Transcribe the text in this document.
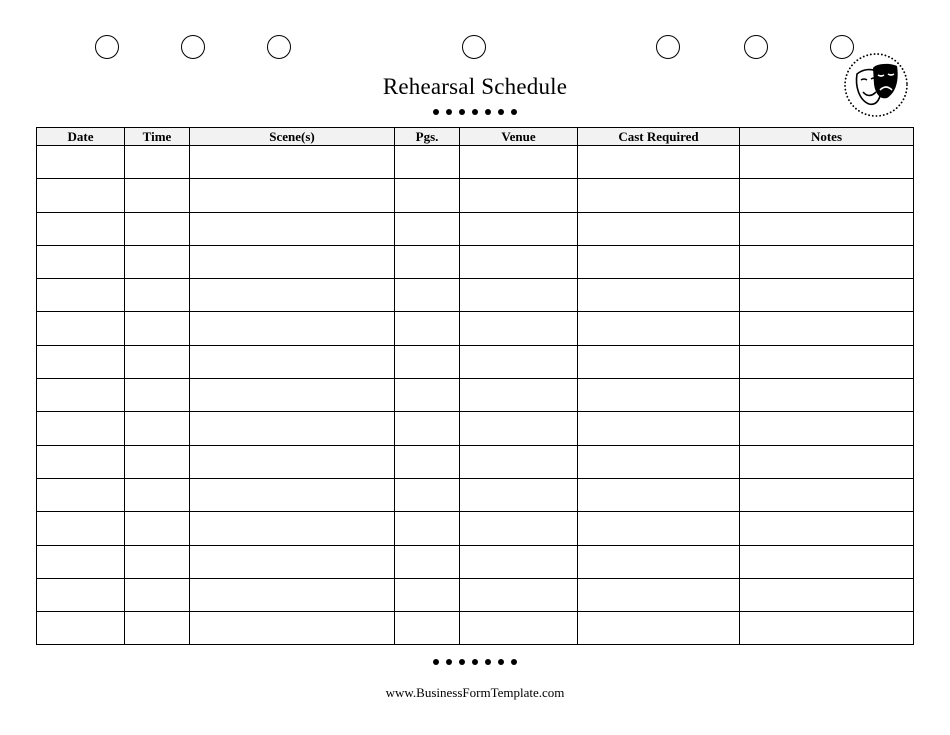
Rehearsal Schedule
Date	Time	Scene(s)	Pgs.	Venue	Cast Required	Notes

www.BusinessFormTemplate.com
